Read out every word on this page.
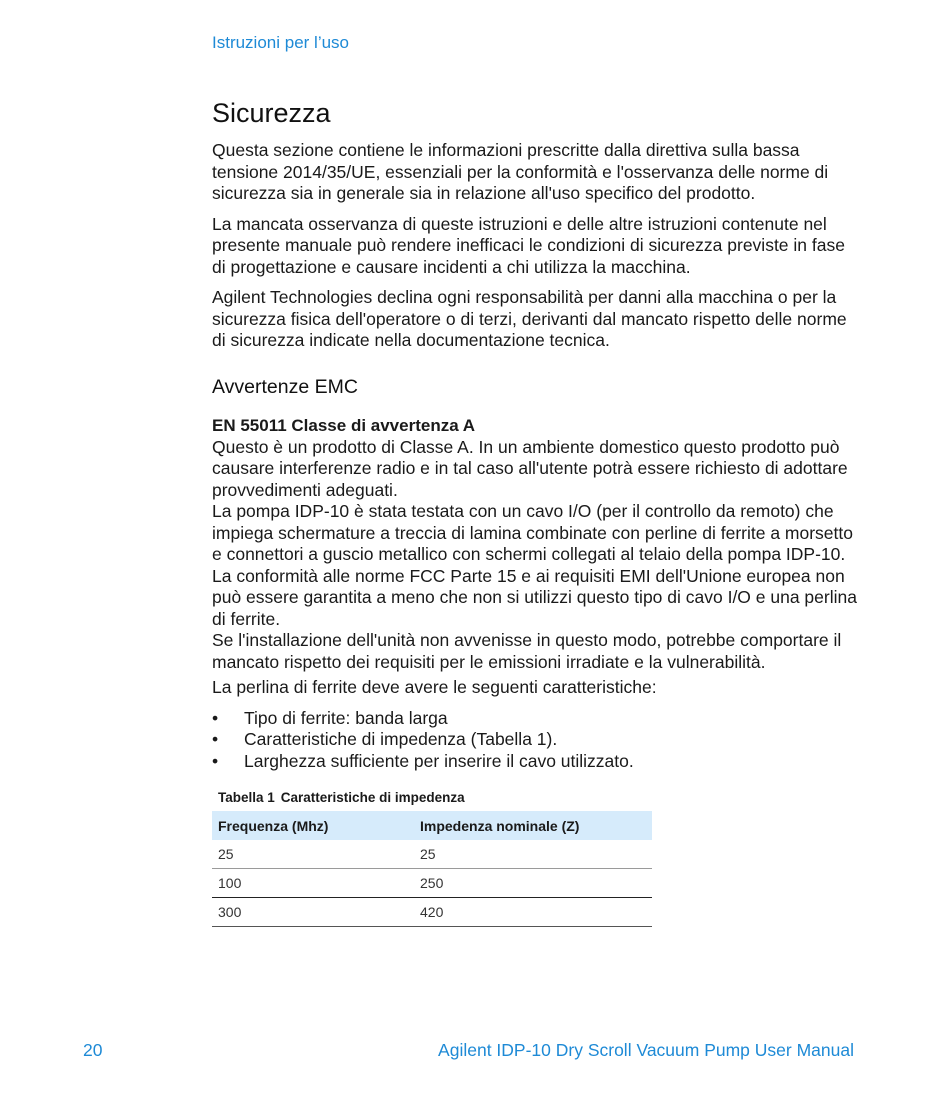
Istruzioni per l’uso
Sicurezza

Questa sezione contiene le informazioni prescritte dalla direttiva sulla bassa tensione 2014/35/UE, essenziali per la conformità e l'osservanza delle norme di sicurezza sia in generale sia in relazione all'uso specifico del prodotto.

La mancata osservanza di queste istruzioni e delle altre istruzioni contenute nel presente manuale può rendere inefficaci le condizioni di sicurezza previste in fase di progettazione e causare incidenti a chi utilizza la macchina.

Agilent Technologies declina ogni responsabilità per danni alla macchina o per la sicurezza fisica dell'operatore o di terzi, derivanti dal mancato rispetto delle norme di sicurezza indicate nella documentazione tecnica.

Avvertenze EMC
EN 55011 Classe di avvertenza A

Questo è un prodotto di Classe A. In un ambiente domestico questo prodotto può causare interferenze radio e in tal caso all'utente potrà essere richiesto di adottare provvedimenti adeguati.

La pompa IDP-10 è stata testata con un cavo I/O (per il controllo da remoto) che impiega schermature a treccia di lamina combinate con perline di ferrite a morsetto e connettori a guscio metallico con schermi collegati al telaio della pompa IDP-10.

La conformità alle norme FCC Parte 15 e ai requisiti EMI dell'Unione europea non può essere garantita a meno che non si utilizzi questo tipo di cavo I/O e una perlina di ferrite.

Se l'installazione dell'unità non avvenisse in questo modo, potrebbe comportare il mancato rispetto dei requisiti per le emissioni irradiate e la vulnerabilità.

La perlina di ferrite deve avere le seguenti caratteristiche:

• Tipo di ferrite: banda larga
• Caratteristiche di impedenza (Tabella 1).
• Larghezza sufficiente per inserire il cavo utilizzato.
Tabella 1 Caratteristiche di impedenza
Frequenza (Mhz)	Impedenza nominale (Z)
25	25
100	250
300	420
20	Agilent IDP-10 Dry Scroll Vacuum Pump User Manual
